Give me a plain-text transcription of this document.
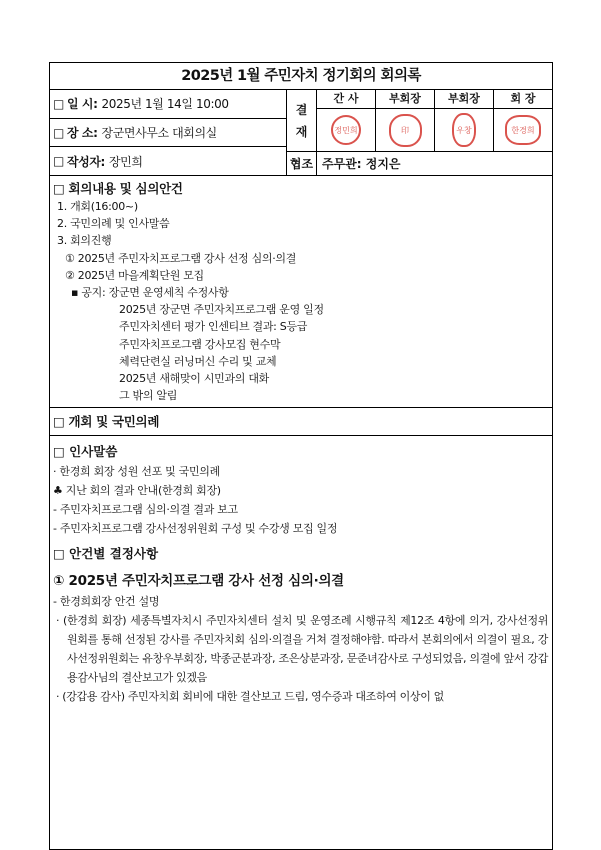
2025년 1월 주민자치 정기회의 회의록
□ 일 시: 2025년 1월 14일 10:00
□ 장 소: 장군면사무소 대회의실
□ 작성자: 장민희
결
재
간 사
정민희
부회장
印
부회장
우창
회 장
한경희
협조 주무관: 정지은
□ 회의내용 및 심의안건
1. 개회(16:00~)
2. 국민의례 및 인사말씀
3. 회의진행
① 2025년 주민자치프로그램 강사 선정 심의·의결
② 2025년 마을계획단원 모집
▪ 공지: 장군면 운영세칙 수정사항
2025년 장군면 주민자치프로그램 운영 일정
주민자치센터 평가 인센티브 결과: S등급
주민자치프로그램 강사모집 현수막
체력단련실 러닝머신 수리 및 교체
2025년 새해맞이 시민과의 대화
그 밖의 알림
□ 개회 및 국민의례
□ 인사말씀
· 한경희 회장 성원 선포 및 국민의례
♣ 지난 회의 결과 안내(한경희 회장)
- 주민자치프로그램 심의·의결 결과 보고
- 주민자치프로그램 강사선정위원회 구성 및 수강생 모집 일정
□ 안건별 결정사항
① 2025년 주민자치프로그램 강사 선정 심의·의결
- 한경희회장 안건 설명
· (한경희 회장) 세종특별자치시 주민자치센터 설치 및 운영조례 시행규칙 제12조 4항에 의거, 강사선정위원회를 통해 선정된 강사를 주민자치회 심의·의결을 거쳐 결정해야함. 따라서 본회의에서 의결이 필요, 강사선정위원회는 유창우부회장, 박종군분과장, 조은상분과장, 문준녀감사로 구성되었음, 의결에 앞서 강갑용감사님의 결산보고가 있겠음
· (강갑용 감사) 주민자치회 회비에 대한 결산보고 드림, 영수증과 대조하여 이상이 없
